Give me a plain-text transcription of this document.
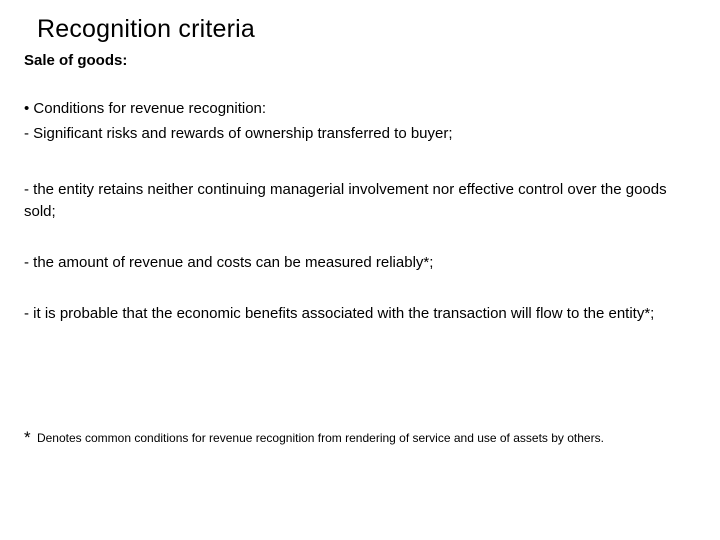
Recognition criteria

Sale of goods:

• Conditions for revenue recognition:

- Significant risks and rewards of ownership transferred to buyer;

- the entity retains neither continuing managerial involvement nor effective control over the goods sold;

- the amount of revenue and costs can be measured reliably*;

- it is probable that the economic benefits associated with the transaction will flow to the entity*;

* Denotes common conditions for revenue recognition from rendering of service and use of assets by others.
